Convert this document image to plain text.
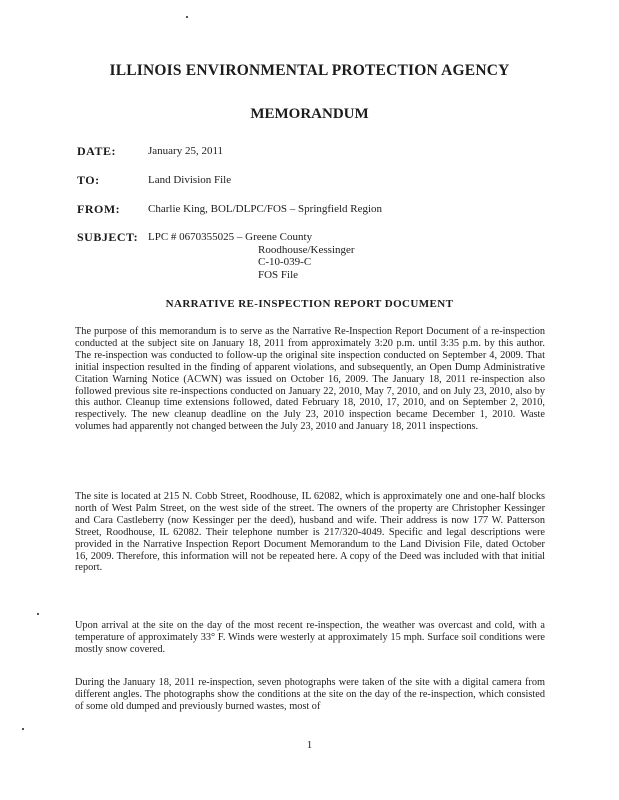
ILLINOIS ENVIRONMENTAL PROTECTION AGENCY
MEMORANDUM
DATE:	January 25, 2011
TO:	Land Division File
FROM:	Charlie King, BOL/DLPC/FOS – Springfield Region
SUBJECT: LPC # 0670355025 – Greene County
Roodhouse/Kessinger
C-10-039-C
FOS File
NARRATIVE RE-INSPECTION REPORT DOCUMENT

The purpose of this memorandum is to serve as the Narrative Re-Inspection Report Document of a re-inspection conducted at the subject site on January 18, 2011 from approximately 3:20 p.m. until 3:35 p.m. by this author. The re-inspection was conducted to follow-up the original site inspection conducted on September 4, 2009. That initial inspection resulted in the finding of apparent violations, and subsequently, an Open Dump Administrative Citation Warning Notice (ACWN) was issued on October 16, 2009. The January 18, 2011 re-inspection also followed previous site re-inspections conducted on January 22, 2010, May 7, 2010, and on July 23, 2010, also by this author. Cleanup time extensions followed, dated February 18, 2010, 17, 2010, and on September 2, 2010, respectively. The new cleanup deadline on the July 23, 2010 inspection became December 1, 2010. Waste volumes had apparently not changed between the July 23, 2010 and January 18, 2011 inspections.

The site is located at 215 N. Cobb Street, Roodhouse, IL 62082, which is approximately one and one-half blocks north of West Palm Street, on the west side of the street. The owners of the property are Christopher Kessinger and Cara Castleberry (now Kessinger per the deed), husband and wife. Their address is now 177 W. Patterson Street, Roodhouse, IL 62082. Their telephone number is 217/320-4049. Specific and legal descriptions were provided in the Narrative Inspection Report Document Memorandum to the Land Division File, dated October 16, 2009. Therefore, this information will not be repeated here. A copy of the Deed was included with that initial report.

Upon arrival at the site on the day of the most recent re-inspection, the weather was overcast and cold, with a temperature of approximately 33° F. Winds were westerly at approximately 15 mph. Surface soil conditions were mostly snow covered.

During the January 18, 2011 re-inspection, seven photographs were taken of the site with a digital camera from different angles. The photographs show the conditions at the site on the day of the re-inspection, which consisted of some old dumped and previously burned wastes, most of

1
